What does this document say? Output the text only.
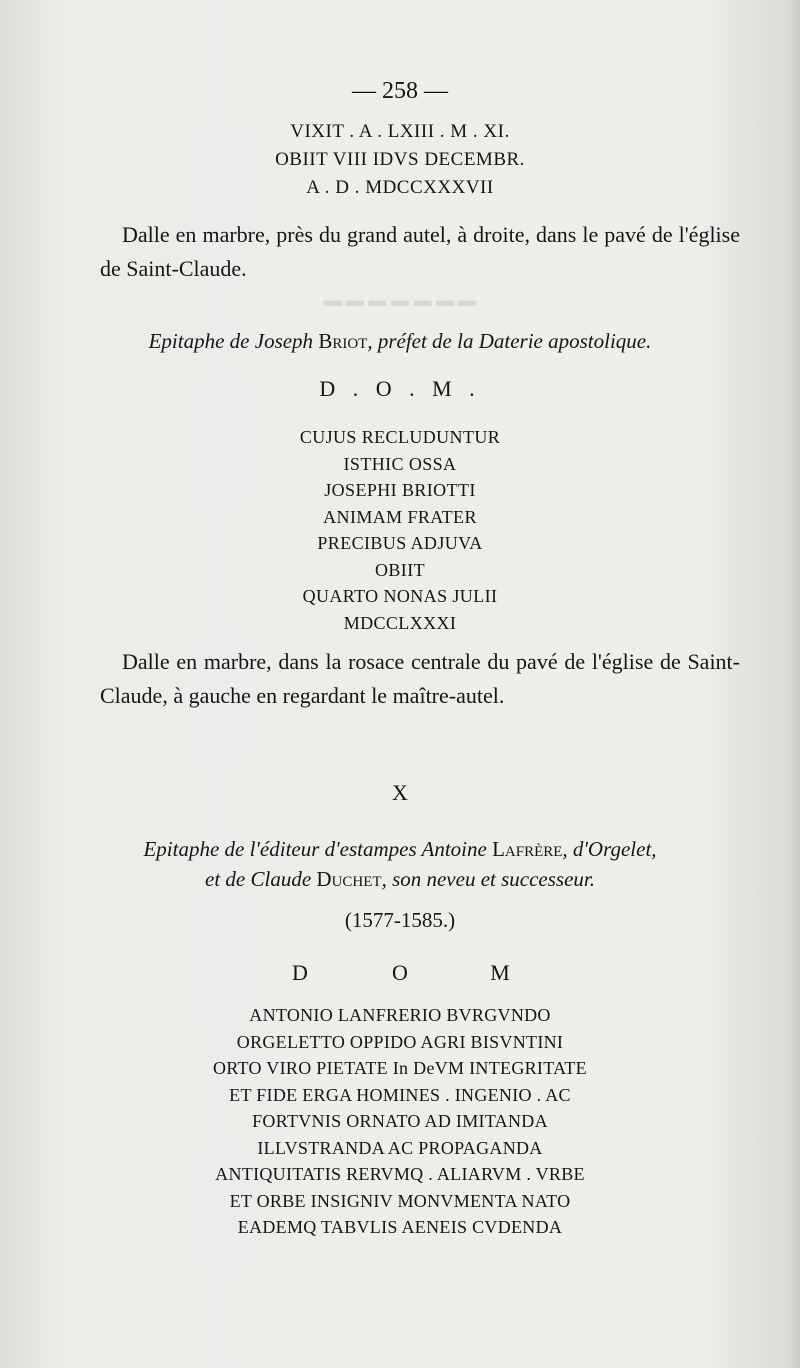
▬ ▬ ▬ ▬ ▬ ▬ ▬
— 258 —
VIXIT . A . LXIII . M . XI.
OBIIT VIII IDVS DECEMBR.
A . D . MDCCXXXVII
Dalle en marbre, près du grand autel, à droite, dans le pavé de l'église de Saint-Claude.
Epitaphe de Joseph Briot, préfet de la Daterie apostolique.
D . O . M .
CUJUS RECLUDUNTUR
ISTHIC OSSA
JOSEPHI BRIOTTI
ANIMAM FRATER
PRECIBUS ADJUVA
OBIIT
QUARTO NONAS JULII
MDCCLXXXI
Dalle en marbre, dans la rosace centrale du pavé de l'église de Saint-Claude, à gauche en regardant le maître-autel.
X
Epitaphe de l'éditeur d'estampes Antoine Lafrère, d'Orgelet,
et de Claude Duchet, son neveu et successeur.
(1577-1585.)
D	O	M
ANTONIO LANFRERIO BVRGVNDO
ORGELETTO OPPIDO AGRI BISVNTINI
ORTO VIRO PIETATE In DeVM INTEGRITATE
ET FIDE ERGA HOMINES . INGENIO . AC
FORTVNIS ORNATO AD IMITANDA
ILLVSTRANDA AC PROPAGANDA
ANTIQUITATIS RERVMQ . ALIARVM . VRBE
ET ORBE INSIGNIV MONVMENTA NATO
EADEMQ TABVLIS AENEIS CVDENDA
